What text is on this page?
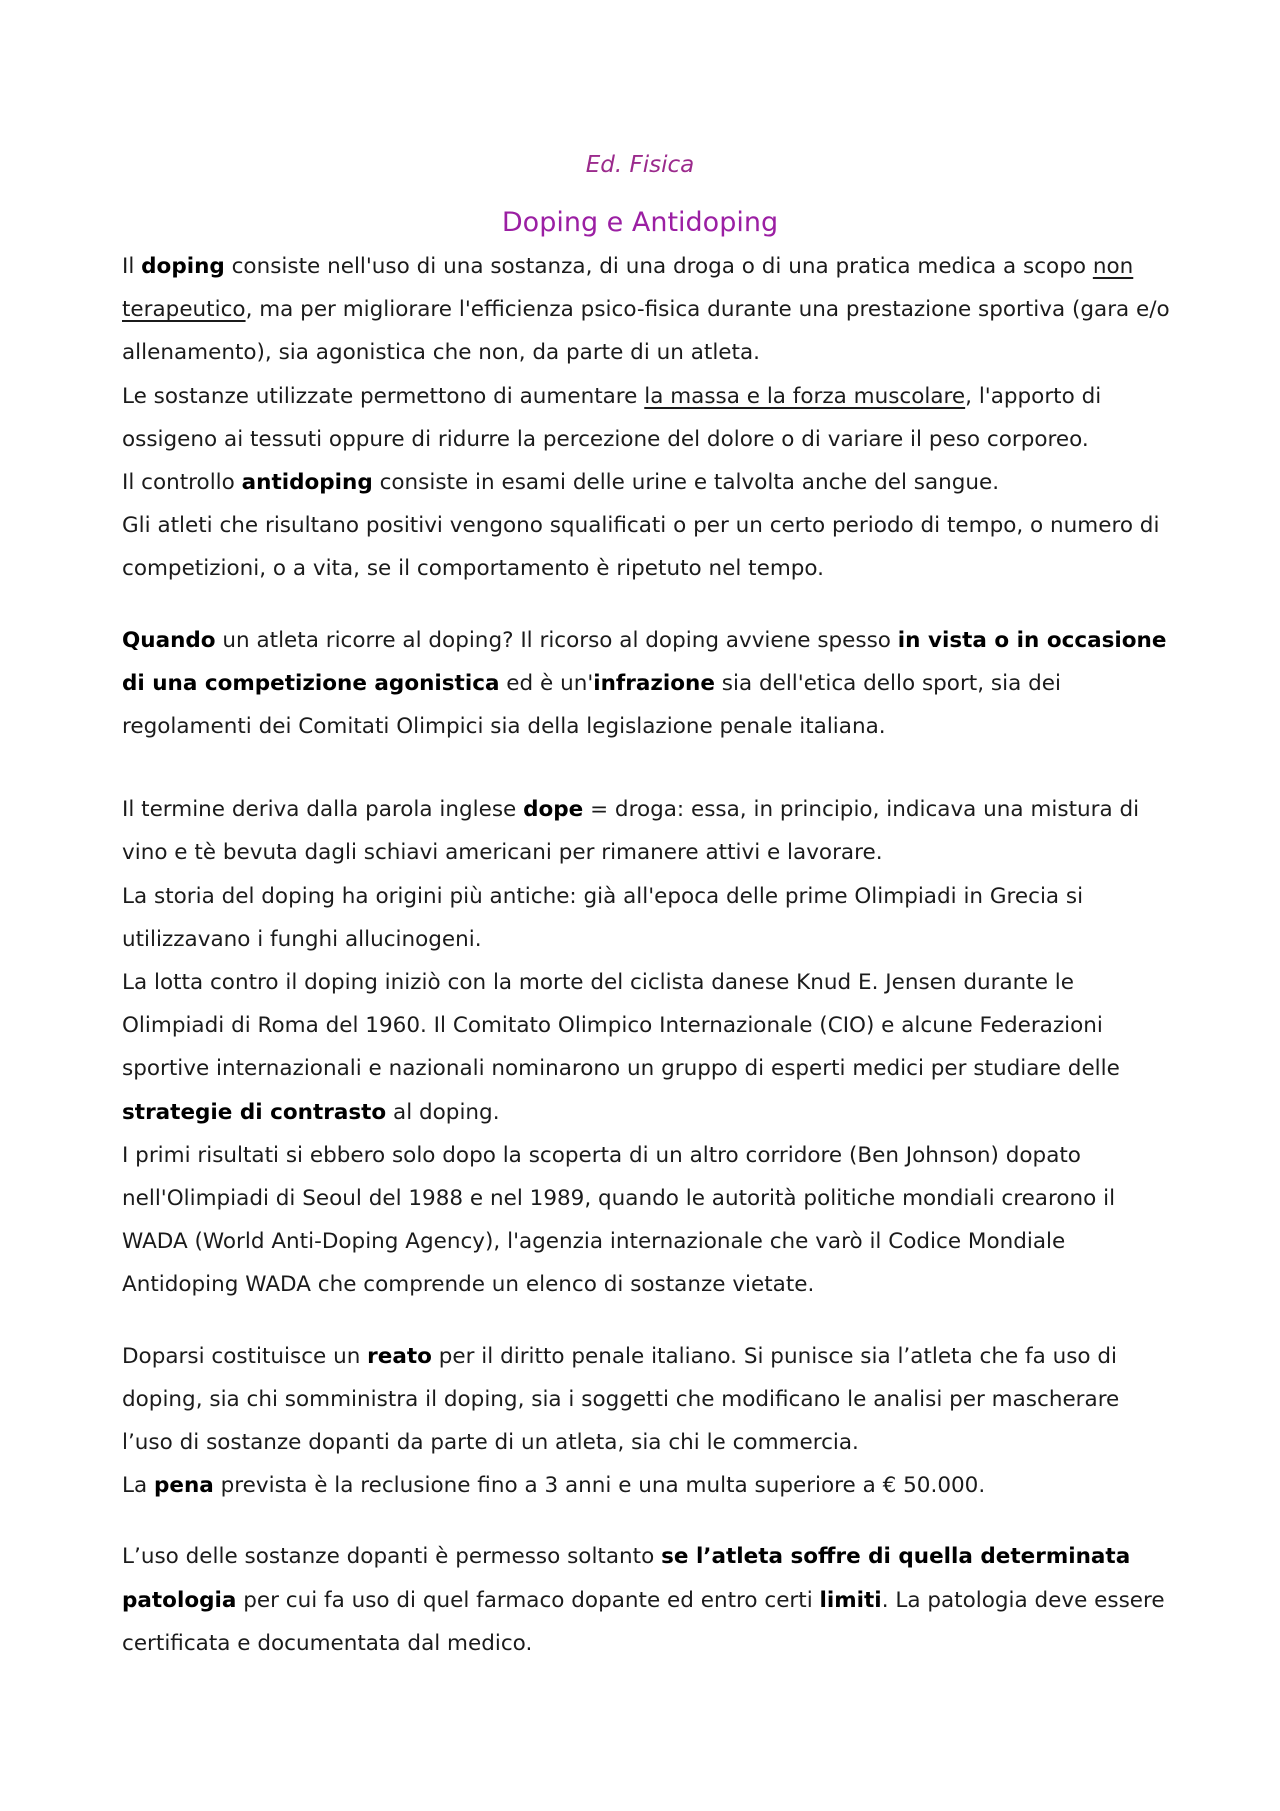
Ed. Fisica

Doping e Antidoping

Il doping consiste nell'uso di una sostanza, di una droga o di una pratica medica a scopo non terapeutico, ma per migliorare l'efficienza psico-fisica durante una prestazione sportiva (gara e/o allenamento), sia agonistica che non, da parte di un atleta.

Le sostanze utilizzate permettono di aumentare la massa e la forza muscolare, l'apporto di ossigeno ai tessuti oppure di ridurre la percezione del dolore o di variare il peso corporeo.

Il controllo antidoping consiste in esami delle urine e talvolta anche del sangue.

Gli atleti che risultano positivi vengono squalificati o per un certo periodo di tempo, o numero di competizioni, o a vita, se il comportamento è ripetuto nel tempo.

Quando un atleta ricorre al doping? Il ricorso al doping avviene spesso in vista o in occasione di una competizione agonistica ed è un'infrazione sia dell'etica dello sport, sia dei regolamenti dei Comitati Olimpici sia della legislazione penale italiana.

Il termine deriva dalla parola inglese dope = droga: essa, in principio, indicava una mistura di vino e tè bevuta dagli schiavi americani per rimanere attivi e lavorare.

La storia del doping ha origini più antiche: già all'epoca delle prime Olimpiadi in Grecia si utilizzavano i funghi allucinogeni.

La lotta contro il doping iniziò con la morte del ciclista danese Knud E. Jensen durante le Olimpiadi di Roma del 1960. Il Comitato Olimpico Internazionale (CIO) e alcune Federazioni sportive internazionali e nazionali nominarono un gruppo di esperti medici per studiare delle strategie di contrasto al doping.

I primi risultati si ebbero solo dopo la scoperta di un altro corridore (Ben Johnson) dopato nell'Olimpiadi di Seoul del 1988 e nel 1989, quando le autorità politiche mondiali crearono il WADA (World Anti-Doping Agency), l'agenzia internazionale che varò il Codice Mondiale Antidoping WADA che comprende un elenco di sostanze vietate.

Doparsi costituisce un reato per il diritto penale italiano. Si punisce sia l’atleta che fa uso di doping, sia chi somministra il doping, sia i soggetti che modificano le analisi per mascherare l’uso di sostanze dopanti da parte di un atleta, sia chi le commercia.

La pena prevista è la reclusione fino a 3 anni e una multa superiore a € 50.000.

L’uso delle sostanze dopanti è permesso soltanto se l’atleta soffre di quella determinata patologia per cui fa uso di quel farmaco dopante ed entro certi limiti. La patologia deve essere certificata e documentata dal medico.
